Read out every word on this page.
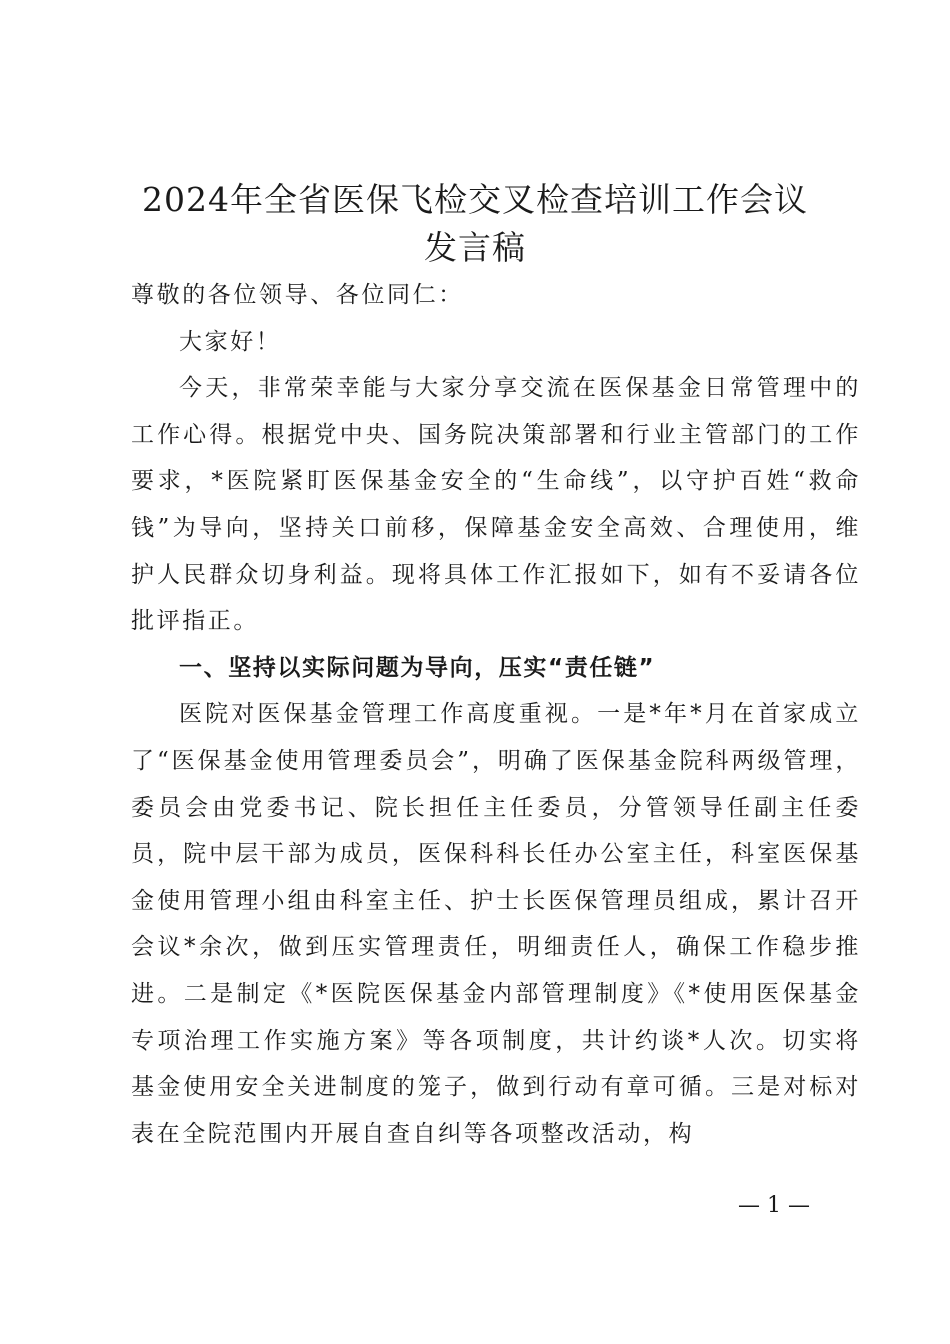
2024年全省医保飞检交叉检查培训工作会议
发言稿

尊敬的各位领导、各位同仁：

大家好！

今天，非常荣幸能与大家分享交流在医保基金日常管理中的工作心得。根据党中央、国务院决策部署和行业主管部门的工作要求，*医院紧盯医保基金安全的“生命线”，以守护百姓“救命钱”为导向，坚持关口前移，保障基金安全高效、合理使用，维护人民群众切身利益。现将具体工作汇报如下，如有不妥请各位批评指正。

一、坚持以实际问题为导向，压实“责任链”

医院对医保基金管理工作高度重视。一是*年*月在首家成立了“医保基金使用管理委员会”，明确了医保基金院科两级管理，委员会由党委书记、院长担任主任委员，分管领导任副主任委员，院中层干部为成员，医保科科长任办公室主任，科室医保基金使用管理小组由科室主任、护士长医保管理员组成，累计召开会议*余次，做到压实管理责任，明细责任人，确保工作稳步推进。二是制定《*医院医保基金内部管理制度》《*使用医保基金专项治理工作实施方案》等各项制度，共计约谈*人次。切实将基金使用安全关进制度的笼子，做到行动有章可循。三是对标对表在全院范围内开展自查自纠等各项整改活动，构

— 1 —
